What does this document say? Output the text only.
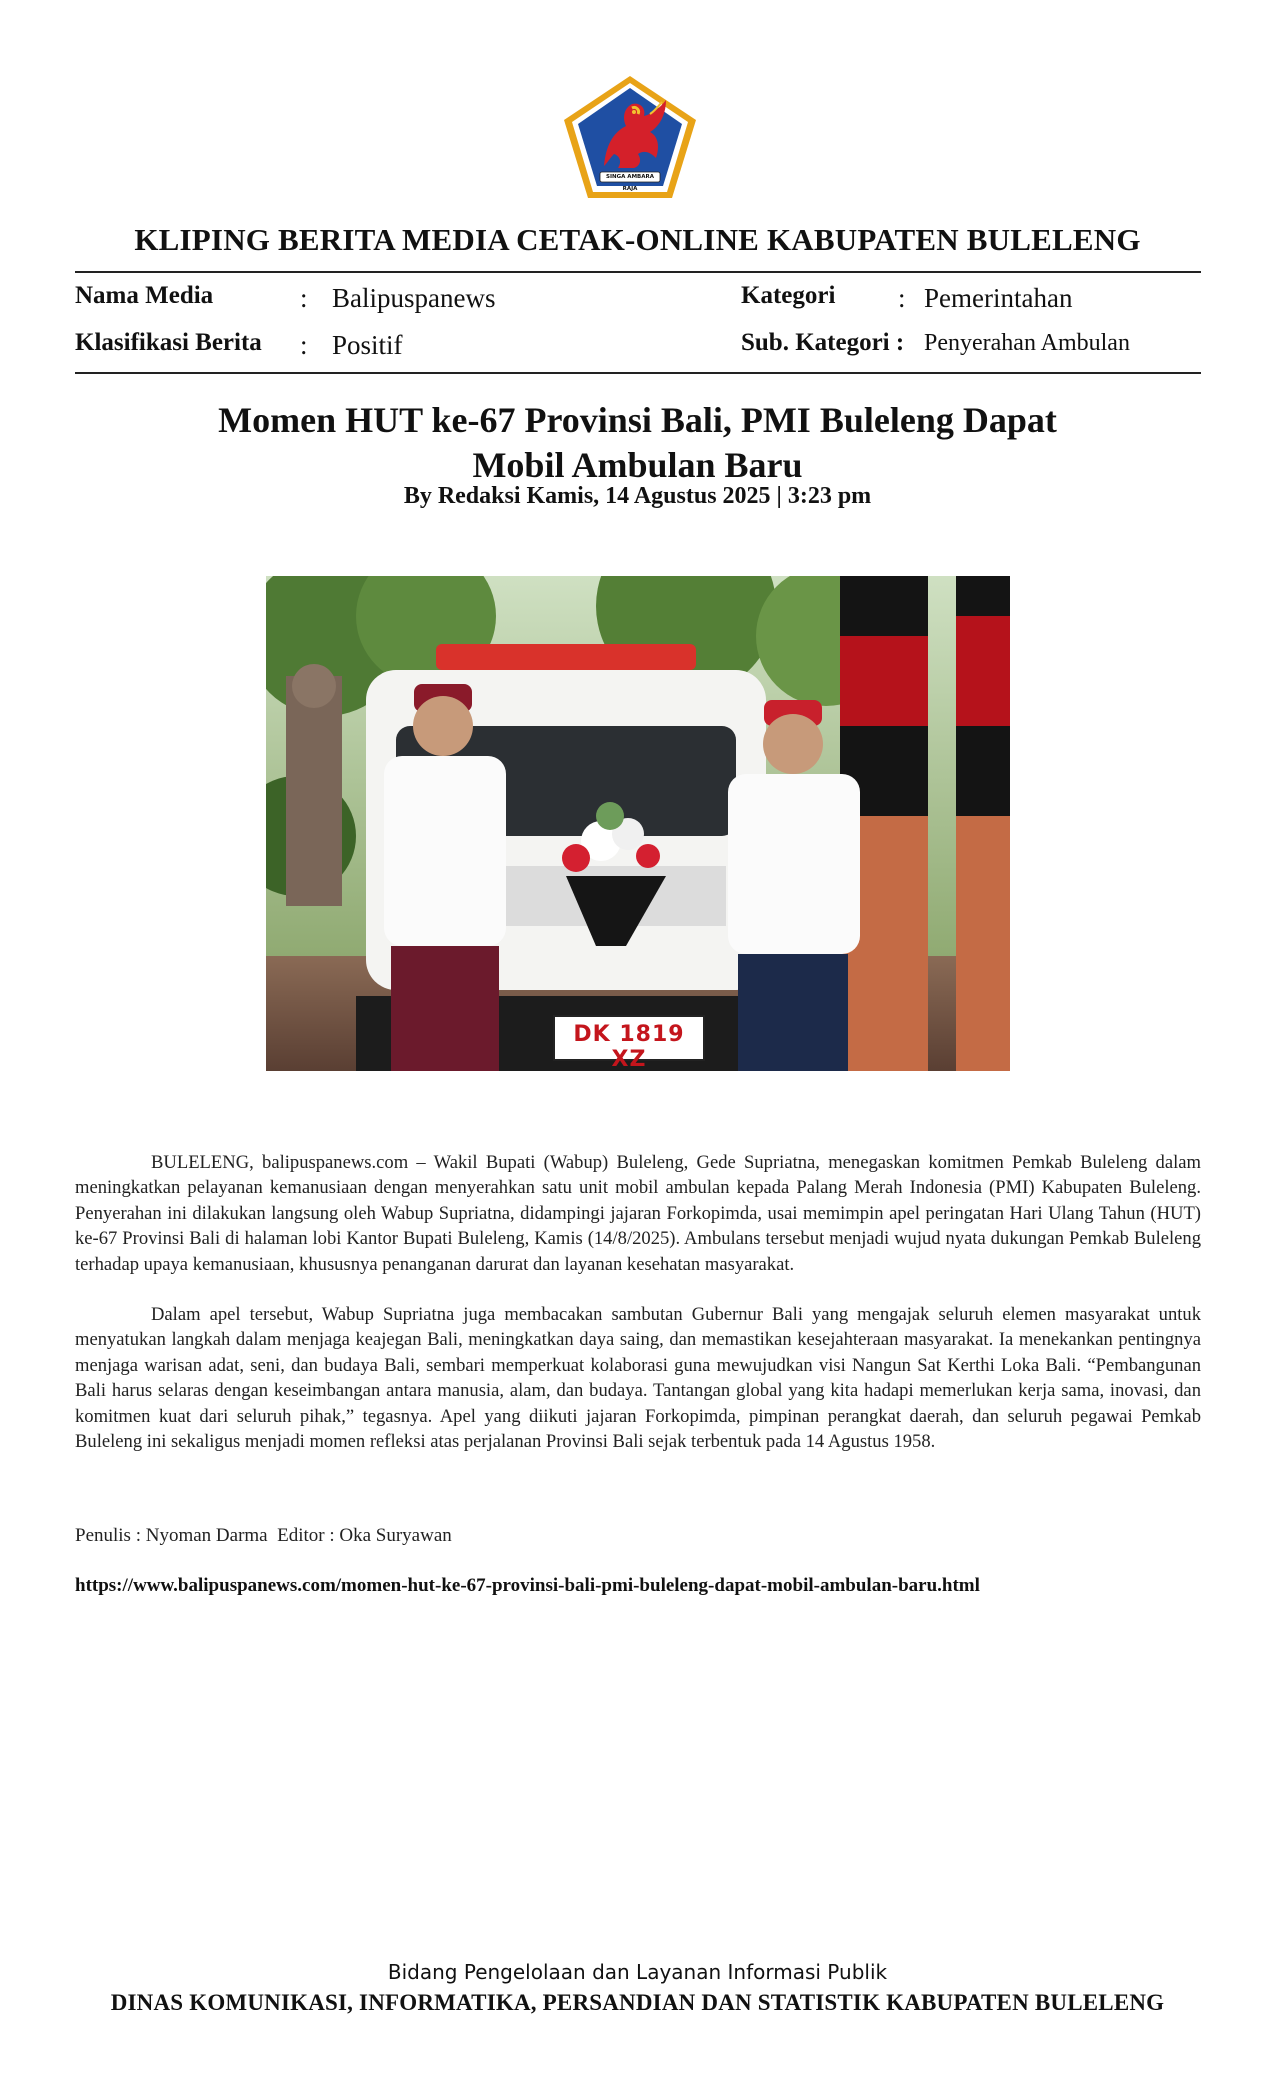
SINGA AMBARA RAJA
KLIPING BERITA MEDIA CETAK-ONLINE KABUPATEN BULELENG
Nama Media	: Balipuspanews
Klasifikasi Berita : Positif
Kategori : Pemerintahan
Sub. Kategori : Penyerahan Ambulan
Momen HUT ke-67 Provinsi Bali, PMI Buleleng Dapat
Mobil Ambulan Baru
By Redaksi Kamis, 14 Agustus 2025 | 3:23 pm
DK 1819 XZ

BULELENG, balipuspanews.com – Wakil Bupati (Wabup) Buleleng, Gede Supriatna, menegaskan komitmen Pemkab Buleleng dalam meningkatkan pelayanan kemanusiaan dengan menyerahkan satu unit mobil ambulan kepada Palang Merah Indonesia (PMI) Kabupaten Buleleng. Penyerahan ini dilakukan langsung oleh Wabup Supriatna, didampingi jajaran Forkopimda, usai memimpin apel peringatan Hari Ulang Tahun (HUT) ke-67 Provinsi Bali di halaman lobi Kantor Bupati Buleleng, Kamis (14/8/2025). Ambulans tersebut menjadi wujud nyata dukungan Pemkab Buleleng terhadap upaya kemanusiaan, khususnya penanganan darurat dan layanan kesehatan masyarakat.

Dalam apel tersebut, Wabup Supriatna juga membacakan sambutan Gubernur Bali yang mengajak seluruh elemen masyarakat untuk menyatukan langkah dalam menjaga keajegan Bali, meningkatkan daya saing, dan memastikan kesejahteraan masyarakat. Ia menekankan pentingnya menjaga warisan adat, seni, dan budaya Bali, sembari memperkuat kolaborasi guna mewujudkan visi Nangun Sat Kerthi Loka Bali. “Pembangunan Bali harus selaras dengan keseimbangan antara manusia, alam, dan budaya. Tantangan global yang kita hadapi memerlukan kerja sama, inovasi, dan komitmen kuat dari seluruh pihak,” tegasnya. Apel yang diikuti jajaran Forkopimda, pimpinan perangkat daerah, dan seluruh pegawai Pemkab Buleleng ini sekaligus menjadi momen refleksi atas perjalanan Provinsi Bali sejak terbentuk pada 14 Agustus 1958.

Penulis : Nyoman Darma  Editor : Oka Suryawan
https://www.balipuspanews.com/momen-hut-ke-67-provinsi-bali-pmi-buleleng-dapat-mobil-ambulan-baru.html
Bidang Pengelolaan dan Layanan Informasi Publik
DINAS KOMUNIKASI, INFORMATIKA, PERSANDIAN DAN STATISTIK KABUPATEN BULELENG
